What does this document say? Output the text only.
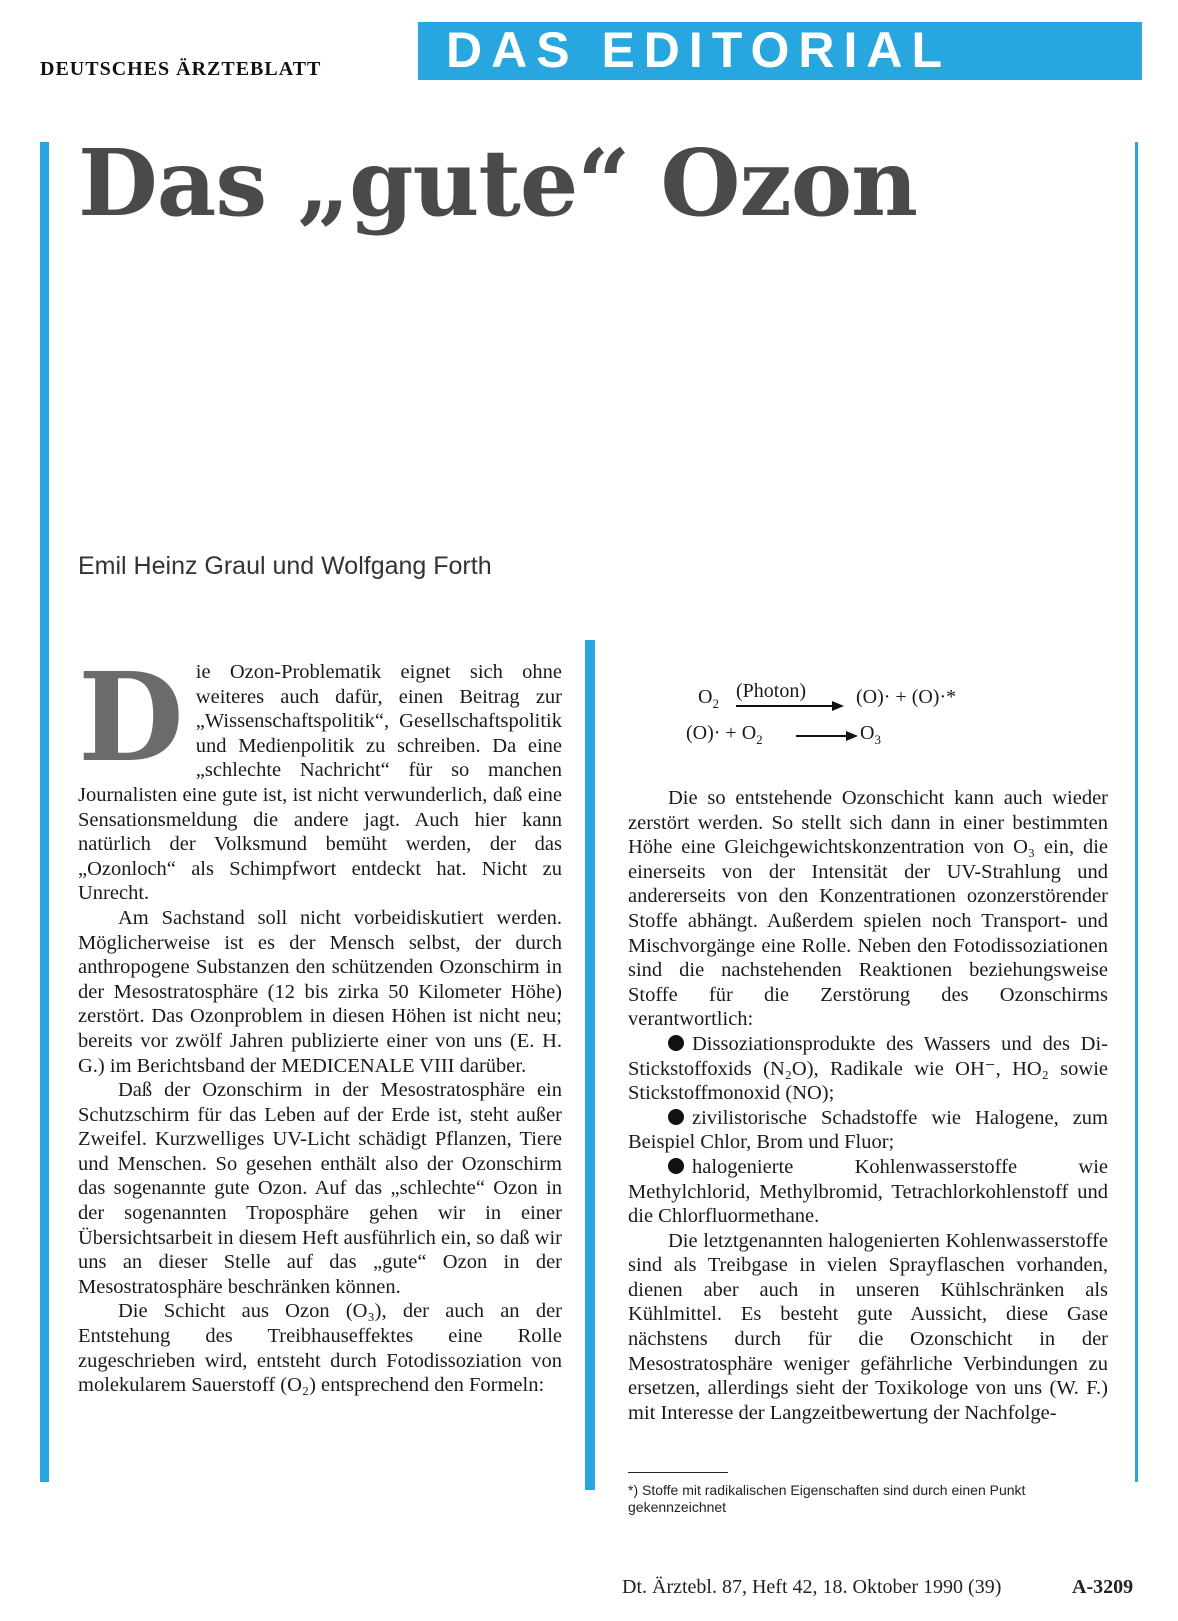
DEUTSCHES ÄRZTEBLATT DAS EDITORIAL
Das „gute“ Ozon
Emil Heinz Graul und Wolfgang Forth

Die Ozon-Problematik eignet sich ohne weiteres auch dafür, einen Beitrag zur „Wissenschaftspolitik“, Gesellschaftspolitik und Medienpolitik zu schreiben. Da eine „schlechte Nachricht“ für so manchen Journalisten eine gute ist, ist nicht verwunderlich, daß eine Sensationsmeldung die andere jagt. Auch hier kann natürlich der Volksmund bemüht werden, der das „Ozonloch“ als Schimpfwort entdeckt hat. Nicht zu Unrecht.

Am Sachstand soll nicht vorbeidiskutiert werden. Möglicherweise ist es der Mensch selbst, der durch anthropogene Substanzen den schützenden Ozonschirm in der Mesostratosphäre (12 bis zirka 50 Kilometer Höhe) zerstört. Das Ozonproblem in diesen Höhen ist nicht neu; bereits vor zwölf Jahren publizierte einer von uns (E. H. G.) im Berichtsband der MEDICENALE VIII darüber.

Daß der Ozonschirm in der Mesostratosphäre ein Schutzschirm für das Leben auf der Erde ist, steht außer Zweifel. Kurzwelliges UV-Licht schädigt Pflanzen, Tiere und Menschen. So gesehen enthält also der Ozonschirm das sogenannte gute Ozon. Auf das „schlechte“ Ozon in der sogenannten Troposphäre gehen wir in einer Übersichtsarbeit in diesem Heft ausführlich ein, so daß wir uns an dieser Stelle auf das „gute“ Ozon in der Mesostratosphäre beschränken können.

Die Schicht aus Ozon (O₃), der auch an der Entstehung des Treibhauseffektes eine Rolle zugeschrieben wird, entsteht durch Fotodissoziation von molekularem Sauerstoff (O₂) entsprechend den Formeln:

$O_2$
(Photon)	(O)· + (O)·*
$(O)\cdot + O_2 \to O_3$

Die so entstehende Ozonschicht kann auch wieder zerstört werden. So stellt sich dann in einer bestimmten Höhe eine Gleichgewichtskonzentration von O₃ ein, die einerseits von der Intensität der UV-Strahlung und andererseits von den Konzentrationen ozonzerstörender Stoffe abhängt. Außerdem spielen noch Transport- und Mischvorgänge eine Rolle. Neben den Fotodissoziationen sind die nachstehenden Reaktionen beziehungsweise Stoffe für die Zerstörung des Ozonschirms verantwortlich:

Dissoziationsprodukte des Wassers und des Di-Stickstoffoxids (N₂O), Radikale wie OH⁻, HO₂ sowie Stickstoffmonoxid (NO);

zivilistorische Schadstoffe wie Halogene, zum Beispiel Chlor, Brom und Fluor;

halogenierte Kohlenwasserstoffe wie Methylchlorid, Methylbromid, Tetrachlorkohlenstoff und die Chlorfluormethane.

Die letztgenannten halogenierten Kohlenwasserstoffe sind als Treibgase in vielen Sprayflaschen vorhanden, dienen aber auch in unseren Kühlschränken als Kühlmittel. Es besteht gute Aussicht, diese Gase nächstens durch für die Ozonschicht in der Mesostratosphäre weniger gefährliche Verbindungen zu ersetzen, allerdings sieht der Toxikologe von uns (W. F.) mit Interesse der Langzeitbewertung der Nachfolge-

*) Stoffe mit radikalischen Eigenschaften sind durch einen Punkt gekennzeichnet
Dt. Ärztebl. 87, Heft 42, 18. Oktober 1990 (39)	A-3209
